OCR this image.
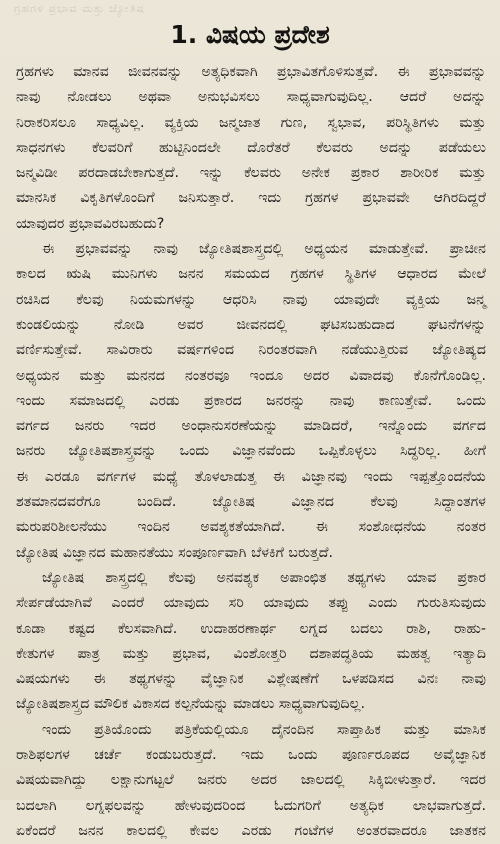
ಗ್ರಹಗಳ ಪ್ರಭಾವ ಮತ್ತು ಜ್ಯೋತಿಷ
1. ವಿಷಯ ಪ್ರದೇಶ

ಗ್ರಹಗಳು ಮಾನವ ಜೀವನವನ್ನು ಅತ್ಯಧಿಕವಾಗಿ ಪ್ರಭಾವಿತಗೊಳಿಸುತ್ತವೆ. ಈ ಪ್ರಭಾವವನ್ನು
ನಾವು ನೋಡಲು ಅಥವಾ ಅನುಭವಿಸಲು ಸಾಧ್ಯವಾಗುವುದಿಲ್ಲ. ಆದರೆ ಅದನ್ನು
ನಿರಾಕರಿಸಲೂ ಸಾಧ್ಯವಿಲ್ಲ. ವ್ಯಕ್ತಿಯ ಜನ್ಮಜಾತ ಗುಣ, ಸ್ವಭಾವ, ಪರಿಸ್ಥಿತಿಗಳು ಮತ್ತು
ಸಾಧನಗಳು ಕೆಲವರಿಗೆ ಹುಟ್ಟಿನಿಂದಲೇ ದೊರೆತರೆ ಕೆಲವರು ಅದನ್ನು ಪಡೆಯಲು
ಜನ್ಮವಿಡೀ ಪರದಾಡಬೇಕಾಗುತ್ತದೆ. ಇನ್ನು ಕೆಲವರು ಅನೇಕ ಪ್ರಕಾರ ಶಾರೀರಿಕ ಮತ್ತು
ಮಾನಸಿಕ ವಿಕೃತಿಗಳೊಂದಿಗೆ ಜನಿಸುತ್ತಾರೆ. ಇದು ಗ್ರಹಗಳ ಪ್ರಭಾವವೇ ಆಗಿರದಿದ್ದರೆ
ಯಾವುದರ ಪ್ರಭಾವವಿರಬಹುದು?

ಈ ಪ್ರಭಾವವನ್ನು ನಾವು ಜ್ಯೋತಿಷಶಾಸ್ತ್ರದಲ್ಲಿ ಅಧ್ಯಯನ ಮಾಡುತ್ತೇವೆ. ಪ್ರಾಚೀನ
ಕಾಲದ ಋಷಿ ಮುನಿಗಳು ಜನನ ಸಮಯದ ಗ್ರಹಗಳ ಸ್ಥಿತಿಗಳ ಆಧಾರದ ಮೇಲೆ
ರಚಿಸಿದ ಕೆಲವು ನಿಯಮಗಳನ್ನು ಆಧರಿಸಿ ನಾವು ಯಾವುದೇ ವ್ಯಕ್ತಿಯ ಜನ್ಮ
ಕುಂಡಲಿಯನ್ನು ನೋಡಿ ಅವರ ಜೀವನದಲ್ಲಿ ಘಟಿಸಬಹುದಾದ ಘಟನೆಗಳನ್ನು
ವರ್ಣಿಸುತ್ತೇವೆ. ಸಾವಿರಾರು ವರ್ಷಗಳಿಂದ ನಿರಂತರವಾಗಿ ನಡೆಯುತ್ತಿರುವ ಜ್ಯೋತಿಷ್ಯದ
ಅಧ್ಯಯನ ಮತ್ತು ಮನನದ ನಂತರವೂ ಇಂದೂ ಅದರ ವಿವಾದವು ಕೊನೆಗೊಂಡಿಲ್ಲ.
ಇಂದು ಸಮಾಜದಲ್ಲಿ ಎರಡು ಪ್ರಕಾರದ ಜನರನ್ನು ನಾವು ಕಾಣುತ್ತೇವೆ. ಒಂದು
ವರ್ಗದ ಜನರು ಇದರ ಅಂಧಾನುಸರಣೆಯನ್ನು ಮಾಡಿದರೆ, ಇನ್ನೊಂದು ವರ್ಗದ
ಜನರು ಜ್ಯೋತಿಷಶಾಸ್ತ್ರವನ್ನು ಒಂದು ವಿಜ್ಞಾನವೆಂದು ಒಪ್ಪಿಕೊಳ್ಳಲು ಸಿದ್ಧರಿಲ್ಲ. ಹೀಗೆ
ಈ ಎರಡೂ ವರ್ಗಗಳ ಮಧ್ಯೆ ತೊಳಲಾಡುತ್ತ ಈ ವಿಜ್ಞಾನವು ಇಂದು ಇಪ್ಪತ್ತೊಂದನೆಯ
ಶತಮಾನದವರೆಗೂ ಬಂದಿದೆ. ಜ್ಯೋತಿಷ ವಿಜ್ಞಾನದ ಕೆಲವು ಸಿದ್ಧಾಂತಗಳ
ಮರುಪರಿಶೀಲನೆಯು ಇಂದಿನ ಅವಶ್ಯಕತೆಯಾಗಿದೆ. ಈ ಸಂಶೋಧನೆಯ ನಂತರ
ಜ್ಯೋತಿಷ ವಿಜ್ಞಾನದ ಮಹಾನತೆಯು ಸಂಪೂರ್ಣವಾಗಿ ಬೆಳಕಿಗೆ ಬರುತ್ತದೆ.

ಜ್ಯೋತಿಷ ಶಾಸ್ತ್ರದಲ್ಲಿ ಕೆಲವು ಅನವಶ್ಯಕ ಅಪಾಂಛಿತ ತಥ್ಯಗಳು ಯಾವ ಪ್ರಕಾರ
ಸೇರ್ಪಡೆಯಾಗಿವೆ ಎಂದರೆ ಯಾವುದು ಸರಿ ಯಾವುದು ತಪ್ಪು ಎಂದು ಗುರುತಿಸುವುದು
ಕೂಡಾ ಕಷ್ಟದ ಕೆಲಸವಾಗಿದೆ. ಉದಾಹರಣಾರ್ಥ ಲಗ್ನದ ಬದಲು ರಾಶಿ, ರಾಹು-
ಕೇತುಗಳ ಪಾತ್ರ ಮತ್ತು ಪ್ರಭಾವ, ವಿಂಶೋತ್ತರಿ ದಶಾಪದ್ಧತಿಯ ಮಹತ್ವ ಇತ್ಯಾದಿ
ವಿಷಯಗಳು ಈ ತಥ್ಯಗಳನ್ನು ವೈಜ್ಞಾನಿಕ ವಿಶ್ಲೇಷಣೆಗೆ ಒಳಪಡಿಸದ ವಿನಃ ನಾವು
ಜ್ಯೋತಿಷಶಾಸ್ತ್ರದ ಮೌಲಿಕ ವಿಕಾಸದ ಕಲ್ಪನೆಯನ್ನು ಮಾಡಲು ಸಾಧ್ಯವಾಗುವುದಿಲ್ಲ.

ಇಂದು ಪ್ರತಿಯೊಂದು ಪತ್ರಿಕೆಯಲ್ಲಿಯೂ ದೈನಂದಿನ ಸಾಪ್ತಾಹಿಕ ಮತ್ತು ಮಾಸಿಕ
ರಾಶಿಫಲಗಳ ಚರ್ಚೆ ಕಂಡುಬರುತ್ತದೆ. ಇದು ಒಂದು ಪೂರ್ಣರೂಪದ ಅವೈಜ್ಞಾನಿಕ
ವಿಷಯವಾಗಿದ್ದು ಲಕ್ಷಾನುಗಟ್ಟಲೆ ಜನರು ಅದರ ಜಾಲದಲ್ಲಿ ಸಿಕ್ಕಿಬೀಳುತ್ತಾರೆ. ಇದರ
ಬದಲಾಗಿ ಲಗ್ನಫಲವನ್ನು ಹೇಳುವುದರಿಂದ ಓದುಗರಿಗೆ ಅತ್ಯಧಿಕ ಲಾಭವಾಗುತ್ತದೆ.
ಏಕೆಂದರೆ ಜನನ ಕಾಲದಲ್ಲಿ ಕೇವಲ ಎರಡು ಗಂಟೆಗಳ ಅಂತರವಾದರೂ ಜಾತಕನ
